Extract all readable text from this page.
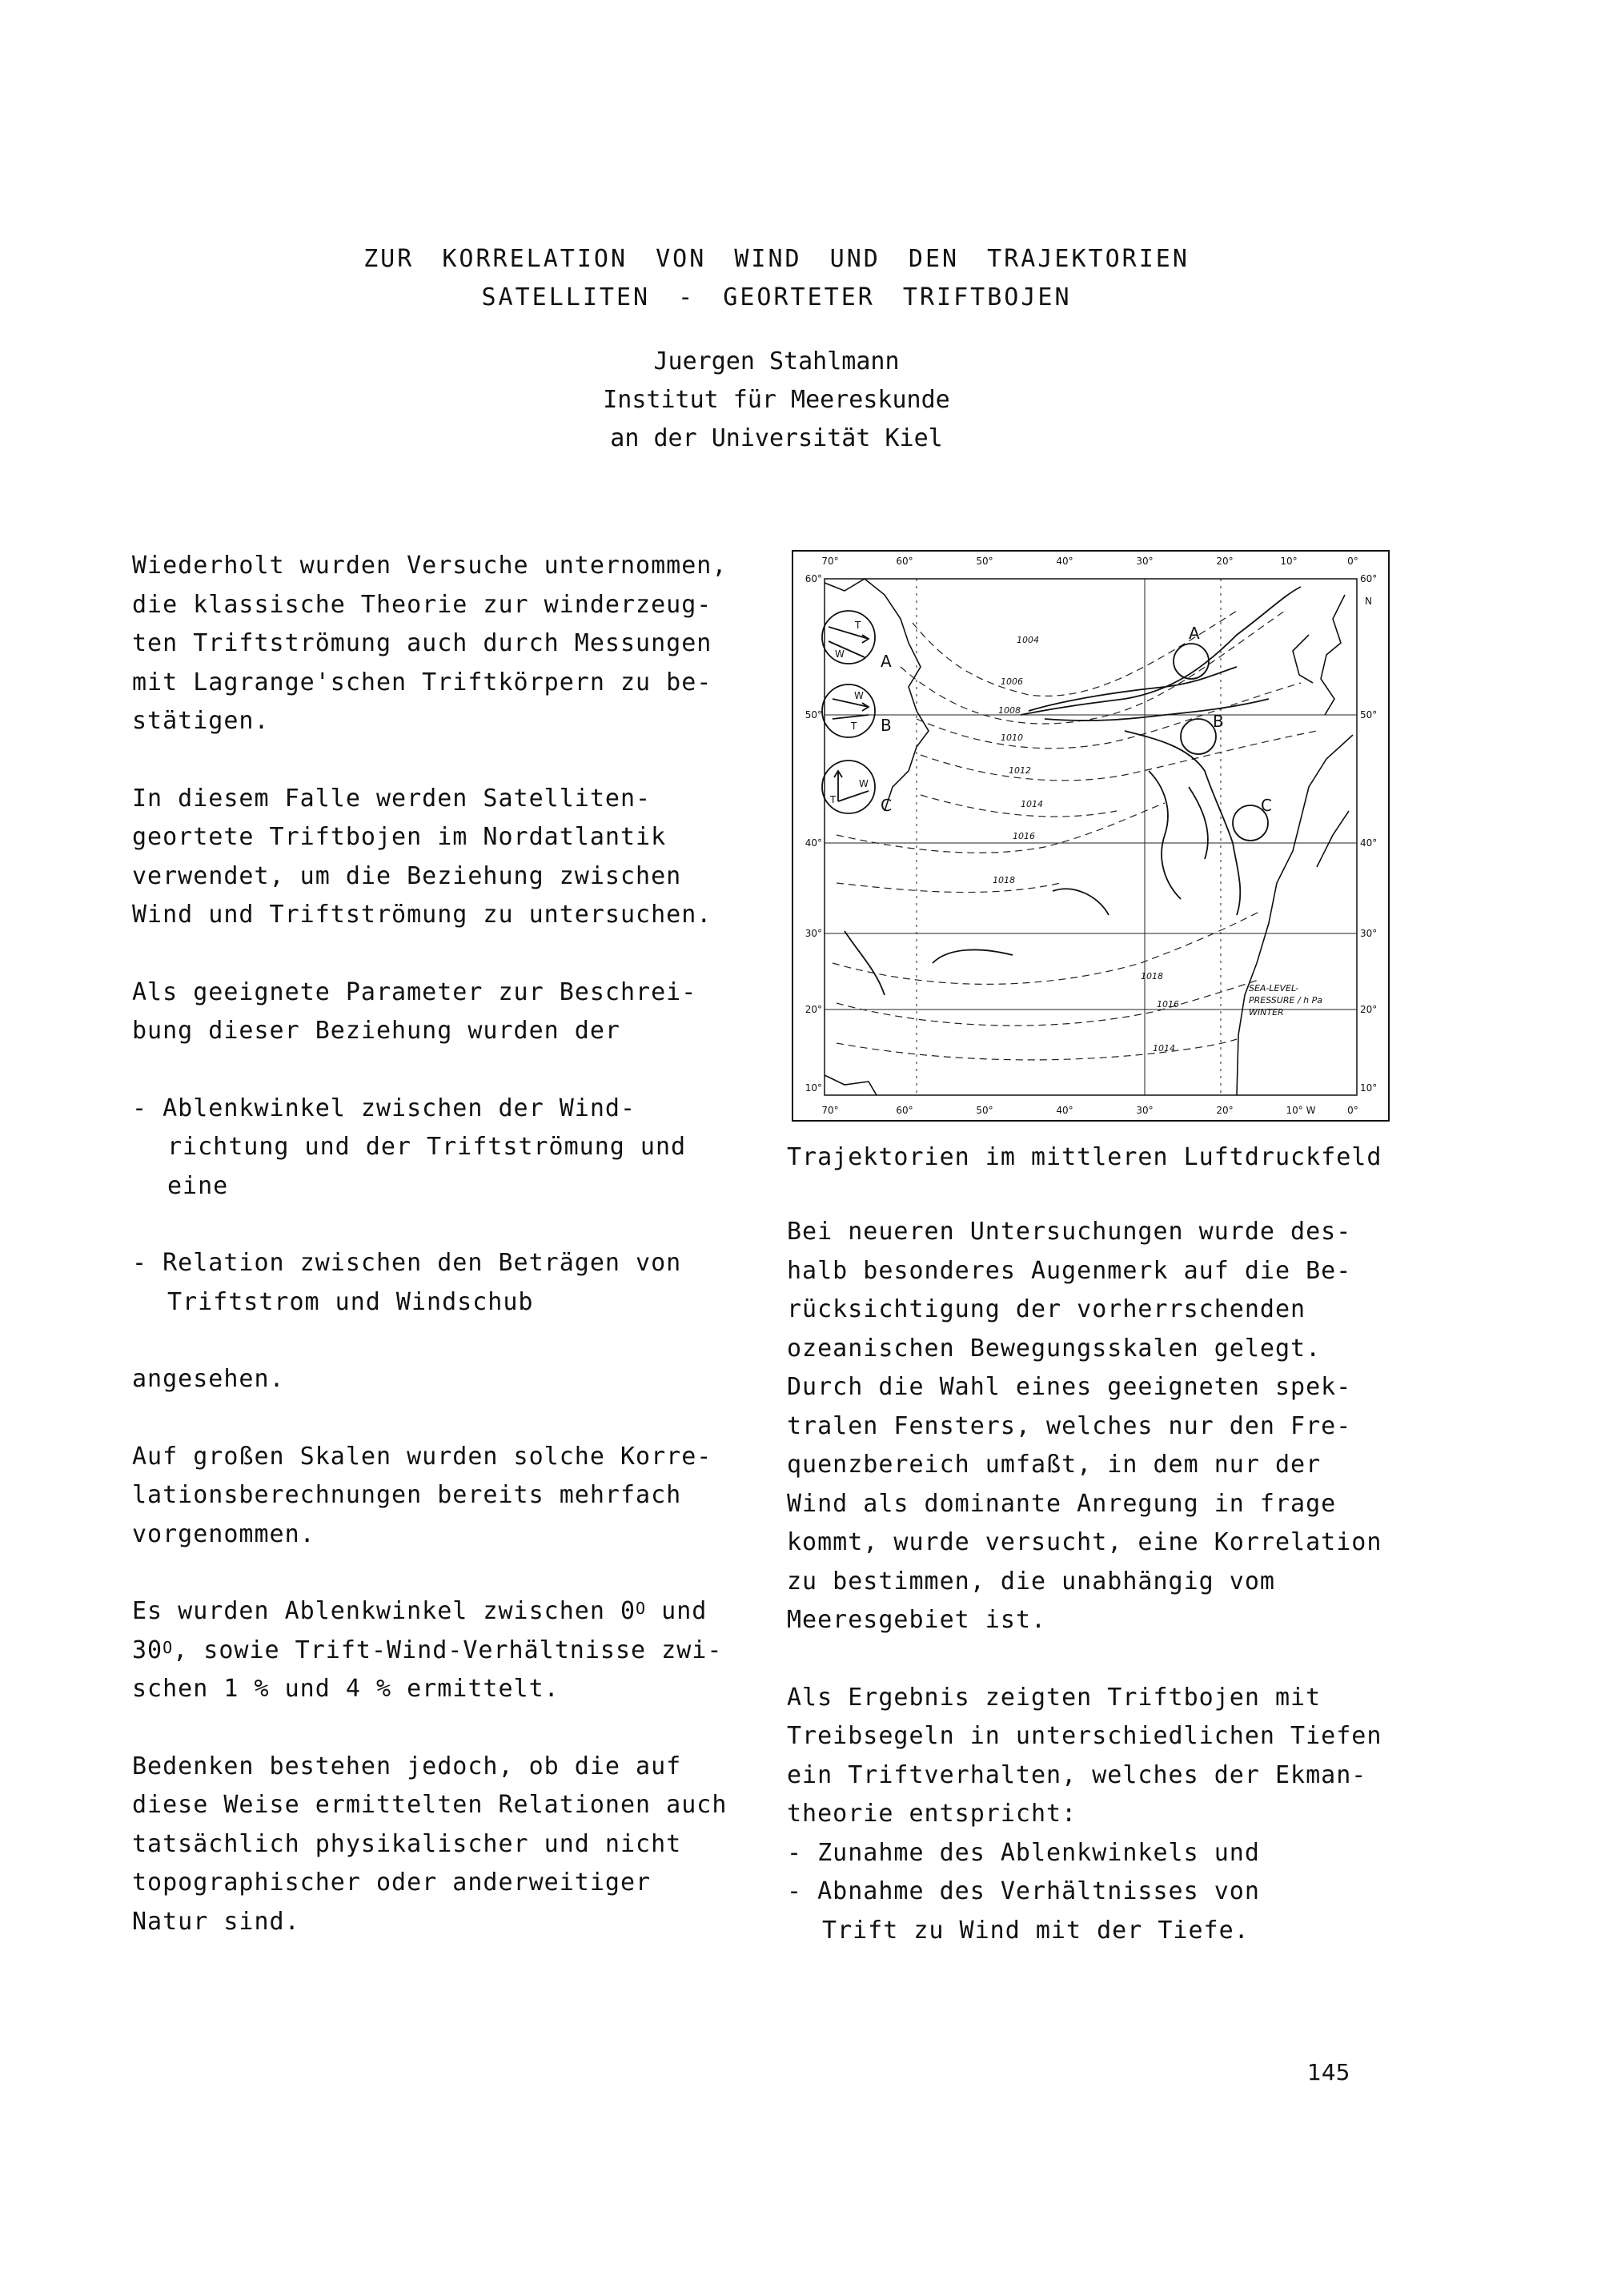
ZUR KORRELATION VON WIND UND DEN TRAJEKTORIEN
SATELLITEN - GEORTETER TRIFTBOJEN
Juergen Stahlmann
Institut für Meereskunde
an der Universität Kiel

Wiederholt wurden Versuche unternommen,
die klassische Theorie zur winderzeug-
ten Triftströmung auch durch Messungen
mit Lagrange'schen Triftkörpern zu be-
stätigen.

In diesem Falle werden Satelliten-
geortete Triftbojen im Nordatlantik
verwendet, um die Beziehung zwischen
Wind und Triftströmung zu untersuchen.

Als geeignete Parameter zur Beschrei-
bung dieser Beziehung wurden der

- Ablenkwinkel zwischen der Wind-
richtung und der Triftströmung und
eine

- Relation zwischen den Beträgen von
Triftstrom und Windschub

angesehen.

Auf großen Skalen wurden solche Korre-
lationsberechnungen bereits mehrfach
vorgenommen.

Es wurden Ablenkwinkel zwischen $0^O$ und
$30^O$, sowie Trift-Wind-Verhältnisse zwi-
schen 1 % und 4 % ermittelt.

Bedenken bestehen jedoch, ob die auf
diese Weise ermittelten Relationen auch
tatsächlich physikalischer und nicht
topographischer oder anderweitiger
Natur sind.

A
B
C
A
B
C
T
W
W
T
T
W
1004
1006
1008
1010
1012
1014
1016
1018
1018
1016
1014
SEA-LEVEL-
PRESSURE / h Pa
WINTER
70°	60°	50°	40°	30°	20°	10°	0°
70°	60°	50°	40°	30°	20°	10° W	0°
60°
50°
40°
30°
20°
10°
60°
N
50°
40°
30°
20°
10°
Trajektorien im mittleren Luftdruckfeld

Bei neueren Untersuchungen wurde des-
halb besonderes Augenmerk auf die Be-
rücksichtigung der vorherrschenden
ozeanischen Bewegungsskalen gelegt.
Durch die Wahl eines geeigneten spek-
tralen Fensters, welches nur den Fre-
quenzbereich umfaßt, in dem nur der
Wind als dominante Anregung in frage
kommt, wurde versucht, eine Korrelation
zu bestimmen, die unabhängig vom
Meeresgebiet ist.

Als Ergebnis zeigten Triftbojen mit
Treibsegeln in unterschiedlichen Tiefen
ein Triftverhalten, welches der Ekman-
theorie entspricht:
- Zunahme des Ablenkwinkels und
- Abnahme des Verhältnisses von
Trift zu Wind mit der Tiefe.

145
